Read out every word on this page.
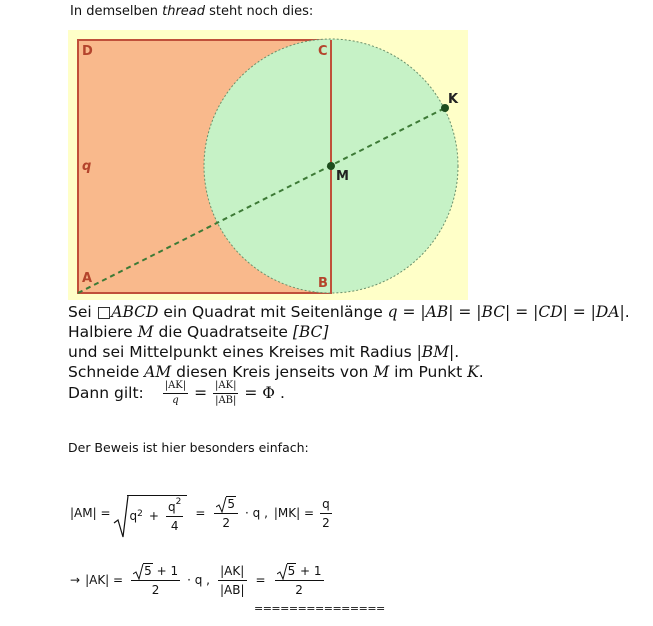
In demselben thread steht noch dies:
D	C
q
A	B
M
K
Sei □ABCD ein Quadrat mit Seitenlänge q = |AB| = |BC| = |CD| = |DA|.
Halbiere M die Quadratseite [BC]
und sei Mittelpunkt eines Kreises mit Radius |BM|.
Schneide AM diesen Kreis jenseits von M im Punkt K.
Dann gilt: $\frac{|AK|}{q} = \frac{|AK|}{|AB|} = \Phi$ .
Der Beweis ist hier besonders einfach:
$|AM| = q^2 + \frac{q^2}{4} = \frac{5}{2} \cdot q$ , $|MK| = \frac{q}{2}$
→ $|AK| = \frac{5 + 1}{2} \cdot q$ , $\frac{|AK|}{|AB|} = \frac{5 + 1}{2}$
===============
